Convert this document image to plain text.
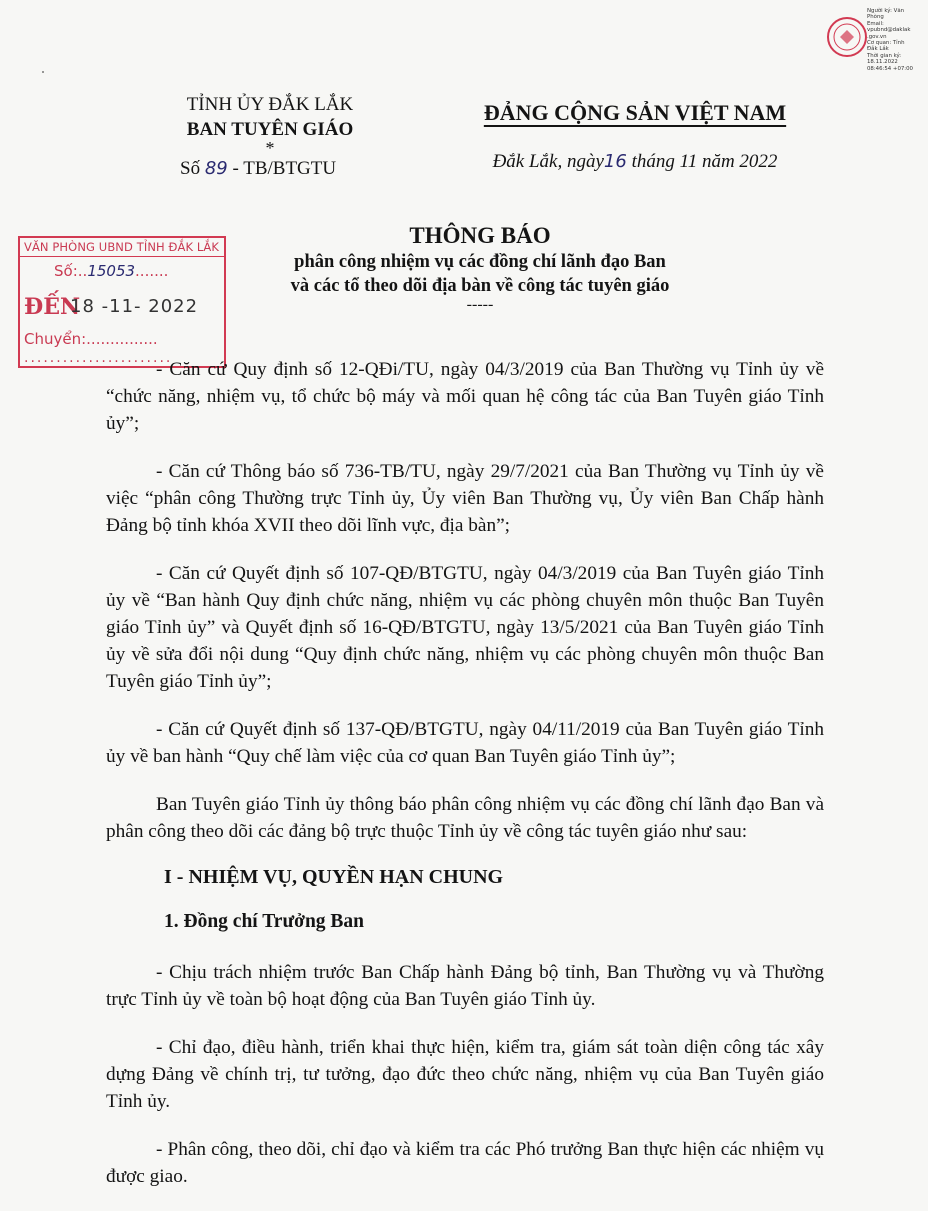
Người ký: Văn
Phòng
Email:
vpubnd@daklak
.gov.vn
Cơ quan: Tỉnh
Đắk Lắk
Thời gian ký:
18.11.2022
08:46:54 +07:00
TỈNH ỦY ĐẮK LẮK
BAN TUYÊN GIÁO
*
Số 89 - TB/BTGTU
ĐẢNG CỘNG SẢN VIỆT NAM
Đắk Lắk, ngày16 tháng 11 năm 2022
VĂN PHÒNG UBND TỈNH ĐẮK LẮK
Số:..15053.......
ĐẾN
18 -11- 2022
Chuyển:...............
.......................
THÔNG BÁO
phân công nhiệm vụ các đồng chí lãnh đạo Ban
và các tổ theo dõi địa bàn về công tác tuyên giáo
-----

- Căn cứ Quy định số 12-QĐi/TU, ngày 04/3/2019 của Ban Thường vụ Tỉnh ủy về “chức năng, nhiệm vụ, tổ chức bộ máy và mối quan hệ công tác của Ban Tuyên giáo Tỉnh ủy”;

- Căn cứ Thông báo số 736-TB/TU, ngày 29/7/2021 của Ban Thường vụ Tỉnh ủy về việc “phân công Thường trực Tỉnh ủy, Ủy viên Ban Thường vụ, Ủy viên Ban Chấp hành Đảng bộ tỉnh khóa XVII theo dõi lĩnh vực, địa bàn”;

- Căn cứ Quyết định số 107-QĐ/BTGTU, ngày 04/3/2019 của Ban Tuyên giáo Tỉnh ủy về “Ban hành Quy định chức năng, nhiệm vụ các phòng chuyên môn thuộc Ban Tuyên giáo Tỉnh ủy” và Quyết định số 16-QĐ/BTGTU, ngày 13/5/2021 của Ban Tuyên giáo Tỉnh ủy về sửa đổi nội dung “Quy định chức năng, nhiệm vụ các phòng chuyên môn thuộc Ban Tuyên giáo Tỉnh ủy”;

- Căn cứ Quyết định số 137-QĐ/BTGTU, ngày 04/11/2019 của Ban Tuyên giáo Tỉnh ủy về ban hành “Quy chế làm việc của cơ quan Ban Tuyên giáo Tỉnh ủy”;

Ban Tuyên giáo Tỉnh ủy thông báo phân công nhiệm vụ các đồng chí lãnh đạo Ban và phân công theo dõi các đảng bộ trực thuộc Tỉnh ủy về công tác tuyên giáo như sau:

I - NHIỆM VỤ, QUYỀN HẠN CHUNG
1. Đồng chí Trưởng Ban

- Chịu trách nhiệm trước Ban Chấp hành Đảng bộ tỉnh, Ban Thường vụ và Thường trực Tỉnh ủy về toàn bộ hoạt động của Ban Tuyên giáo Tỉnh ủy.

- Chỉ đạo, điều hành, triển khai thực hiện, kiểm tra, giám sát toàn diện công tác xây dựng Đảng về chính trị, tư tưởng, đạo đức theo chức năng, nhiệm vụ của Ban Tuyên giáo Tỉnh ủy.

- Phân công, theo dõi, chỉ đạo và kiểm tra các Phó trưởng Ban thực hiện các nhiệm vụ được giao.
